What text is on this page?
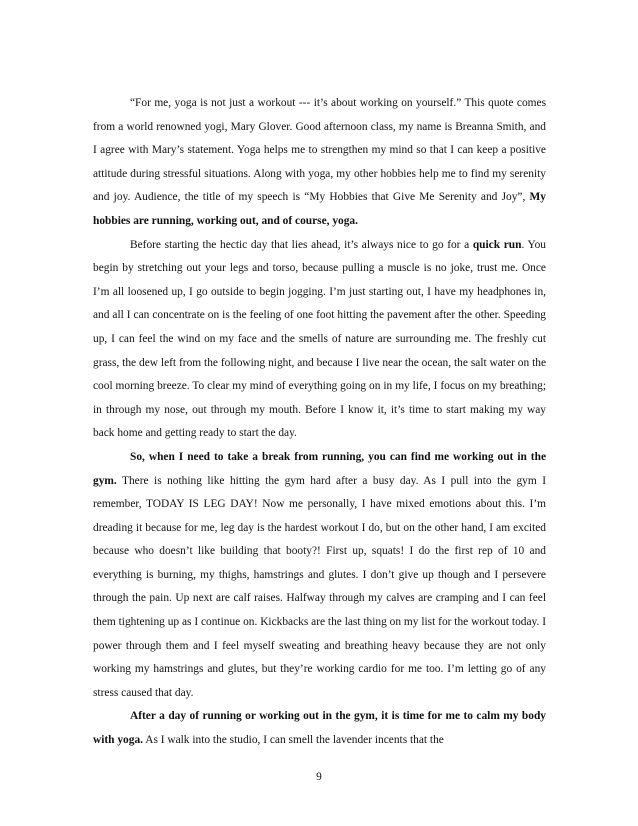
“For me, yoga is not just a workout --- it’s about working on yourself.” This quote comes from a world renowned yogi, Mary Glover. Good afternoon class, my name is Breanna Smith, and I agree with Mary’s statement. Yoga helps me to strengthen my mind so that I can keep a positive attitude during stressful situations. Along with yoga, my other hobbies help me to find my serenity and joy. Audience, the title of my speech is “My Hobbies that Give Me Serenity and Joy”, My hobbies are running, working out, and of course, yoga.

Before starting the hectic day that lies ahead, it’s always nice to go for a quick run. You begin by stretching out your legs and torso, because pulling a muscle is no joke, trust me. Once I’m all loosened up, I go outside to begin jogging. I’m just starting out, I have my headphones in, and all I can concentrate on is the feeling of one foot hitting the pavement after the other. Speeding up, I can feel the wind on my face and the smells of nature are surrounding me. The freshly cut grass, the dew left from the following night, and because I live near the ocean, the salt water on the cool morning breeze. To clear my mind of everything going on in my life, I focus on my breathing; in through my nose, out through my mouth. Before I know it, it’s time to start making my way back home and getting ready to start the day.

So, when I need to take a break from running, you can find me working out in the gym. There is nothing like hitting the gym hard after a busy day. As I pull into the gym I remember, TODAY IS LEG DAY! Now me personally, I have mixed emotions about this. I’m dreading it because for me, leg day is the hardest workout I do, but on the other hand, I am excited because who doesn’t like building that booty?! First up, squats! I do the first rep of 10 and everything is burning, my thighs, hamstrings and glutes. I don’t give up though and I persevere through the pain. Up next are calf raises. Halfway through my calves are cramping and I can feel them tightening up as I continue on. Kickbacks are the last thing on my list for the workout today. I power through them and I feel myself sweating and breathing heavy because they are not only working my hamstrings and glutes, but they’re working cardio for me too. I’m letting go of any stress caused that day.

After a day of running or working out in the gym, it is time for me to calm my body with yoga. As I walk into the studio, I can smell the lavender incents that the

9
